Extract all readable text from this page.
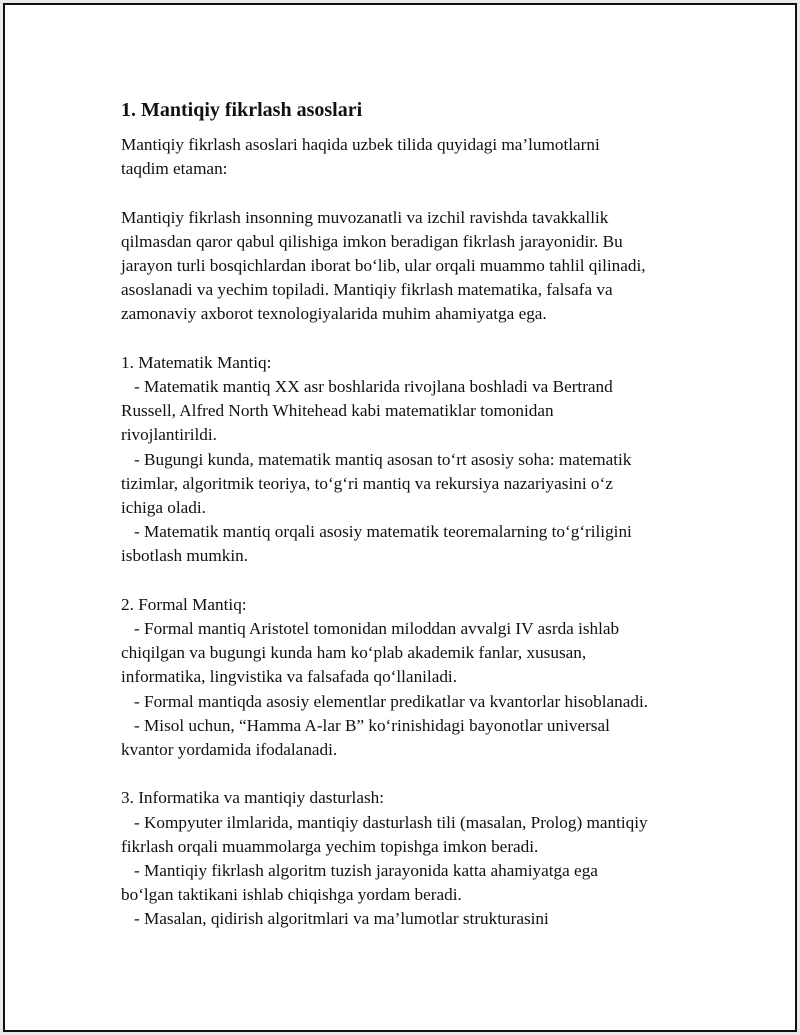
1. Mantiqiy fikrlash asoslari

Mantiqiy fikrlash asoslari haqida uzbek tilida quyidagi ma’lumotlarni
taqdim etaman:

Mantiqiy fikrlash insonning muvozanatli va izchil ravishda tavakkallik
qilmasdan qaror qabul qilishiga imkon beradigan fikrlash jarayonidir. Bu
jarayon turli bosqichlardan iborat bo‘lib, ular orqali muammo tahlil qilinadi,
asoslanadi va yechim topiladi. Mantiqiy fikrlash matematika, falsafa va
zamonaviy axborot texnologiyalarida muhim ahamiyatga ega.

1. Matematik Mantiq:

- Matematik mantiq XX asr boshlarida rivojlana boshladi va Bertrand
Russell, Alfred North Whitehead kabi matematiklar tomonidan
rivojlantirildi.

- Bugungi kunda, matematik mantiq asosan to‘rt asosiy soha: matematik
tizimlar, algoritmik teoriya, to‘g‘ri mantiq va rekursiya nazariyasini o‘z
ichiga oladi.

- Matematik mantiq orqali asosiy matematik teoremalarning to‘g‘riligini
isbotlash mumkin.

2. Formal Mantiq:

- Formal mantiq Aristotel tomonidan miloddan avvalgi IV asrda ishlab
chiqilgan va bugungi kunda ham ko‘plab akademik fanlar, xususan,
informatika, lingvistika va falsafada qo‘llaniladi.

- Formal mantiqda asosiy elementlar predikatlar va kvantorlar hisoblanadi.

- Misol uchun, “Hamma A-lar B” ko‘rinishidagi bayonotlar universal
kvantor yordamida ifodalanadi.

3. Informatika va mantiqiy dasturlash:

- Kompyuter ilmlarida, mantiqiy dasturlash tili (masalan, Prolog) mantiqiy
fikrlash orqali muammolarga yechim topishga imkon beradi.

- Mantiqiy fikrlash algoritm tuzish jarayonida katta ahamiyatga ega
bo‘lgan taktikani ishlab chiqishga yordam beradi.

- Masalan, qidirish algoritmlari va ma’lumotlar strukturasini
